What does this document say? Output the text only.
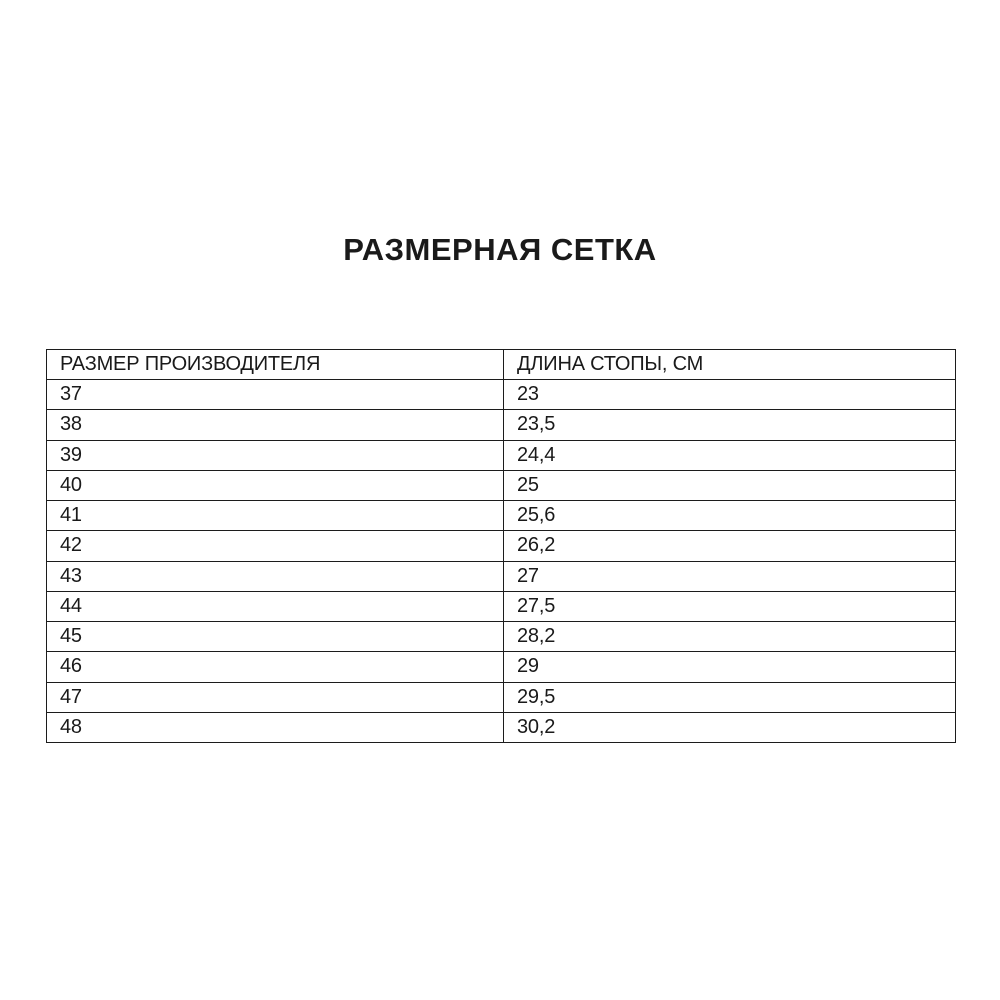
РАЗМЕРНАЯ СЕТКА
РАЗМЕР ПРОИЗВОДИТЕЛЯ	ДЛИНА СТОПЫ, СМ
37	23
38	23,5
39	24,4
40	25
41	25,6
42	26,2
43	27
44	27,5
45	28,2
46	29
47	29,5
48	30,2
